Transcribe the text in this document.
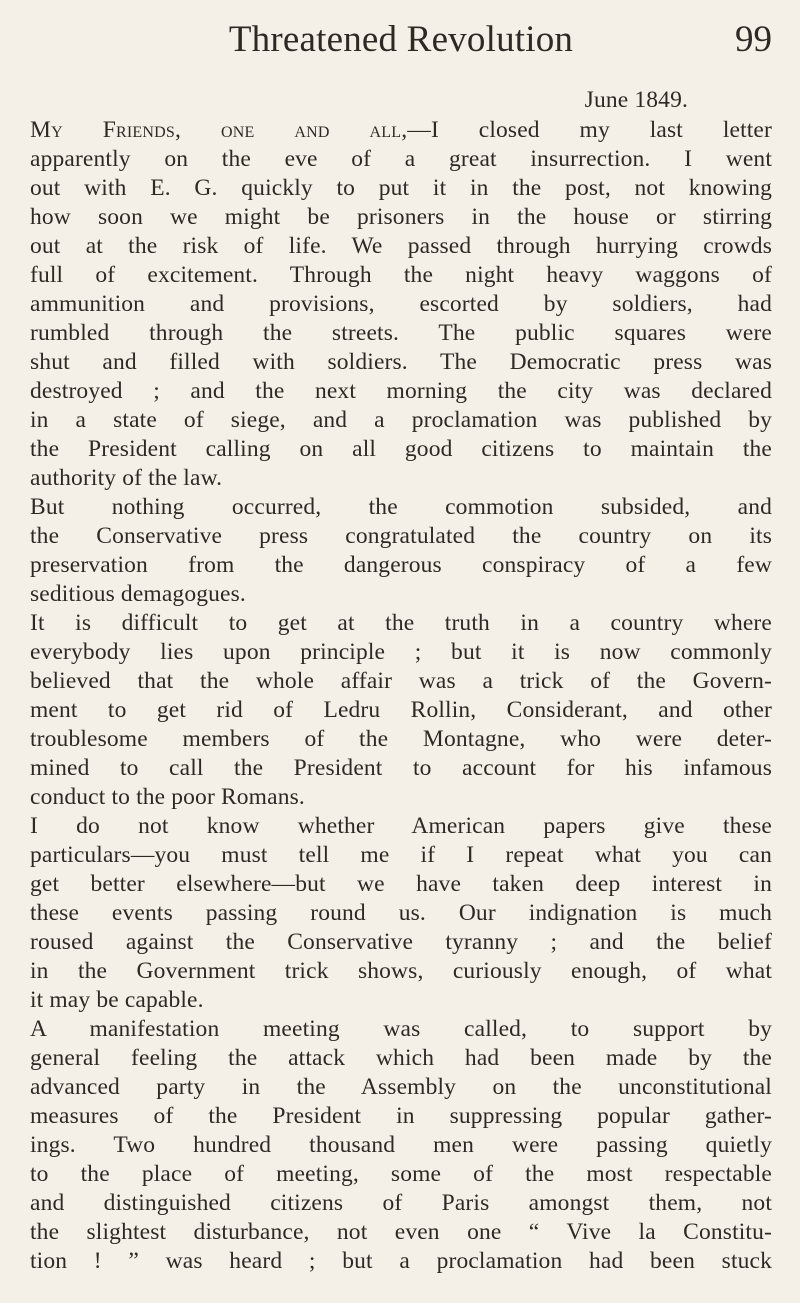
Threatened Revolution	99
June 1849.

My Friends, one and all,—I closed my last letter
apparently on the eve of a great insurrection. I went
out with E. G. quickly to put it in the post, not knowing
how soon we might be prisoners in the house or stirring
out at the risk of life. We passed through hurrying crowds
full of excitement. Through the night heavy waggons of
ammunition and provisions, escorted by soldiers, had
rumbled through the streets. The public squares were
shut and filled with soldiers. The Democratic press was
destroyed ; and the next morning the city was declared
in a state of siege, and a proclamation was published by
the President calling on all good citizens to maintain the
authority of the law.

But nothing occurred, the commotion subsided, and
the Conservative press congratulated the country on its
preservation from the dangerous conspiracy of a few
seditious demagogues.

It is difficult to get at the truth in a country where
everybody lies upon principle ; but it is now commonly
believed that the whole affair was a trick of the Govern-
ment to get rid of Ledru Rollin, Considerant, and other
troublesome members of the Montagne, who were deter-
mined to call the President to account for his infamous
conduct to the poor Romans.

I do not know whether American papers give these
particulars—you must tell me if I repeat what you can
get better elsewhere—but we have taken deep interest in
these events passing round us. Our indignation is much
roused against the Conservative tyranny ; and the belief
in the Government trick shows, curiously enough, of what
it may be capable.

A manifestation meeting was called, to support by
general feeling the attack which had been made by the
advanced party in the Assembly on the unconstitutional
measures of the President in suppressing popular gather-
ings. Two hundred thousand men were passing quietly
to the place of meeting, some of the most respectable
and distinguished citizens of Paris amongst them, not
the slightest disturbance, not even one “ Vive la Constitu-
tion ! ” was heard ; but a proclamation had been stuck
